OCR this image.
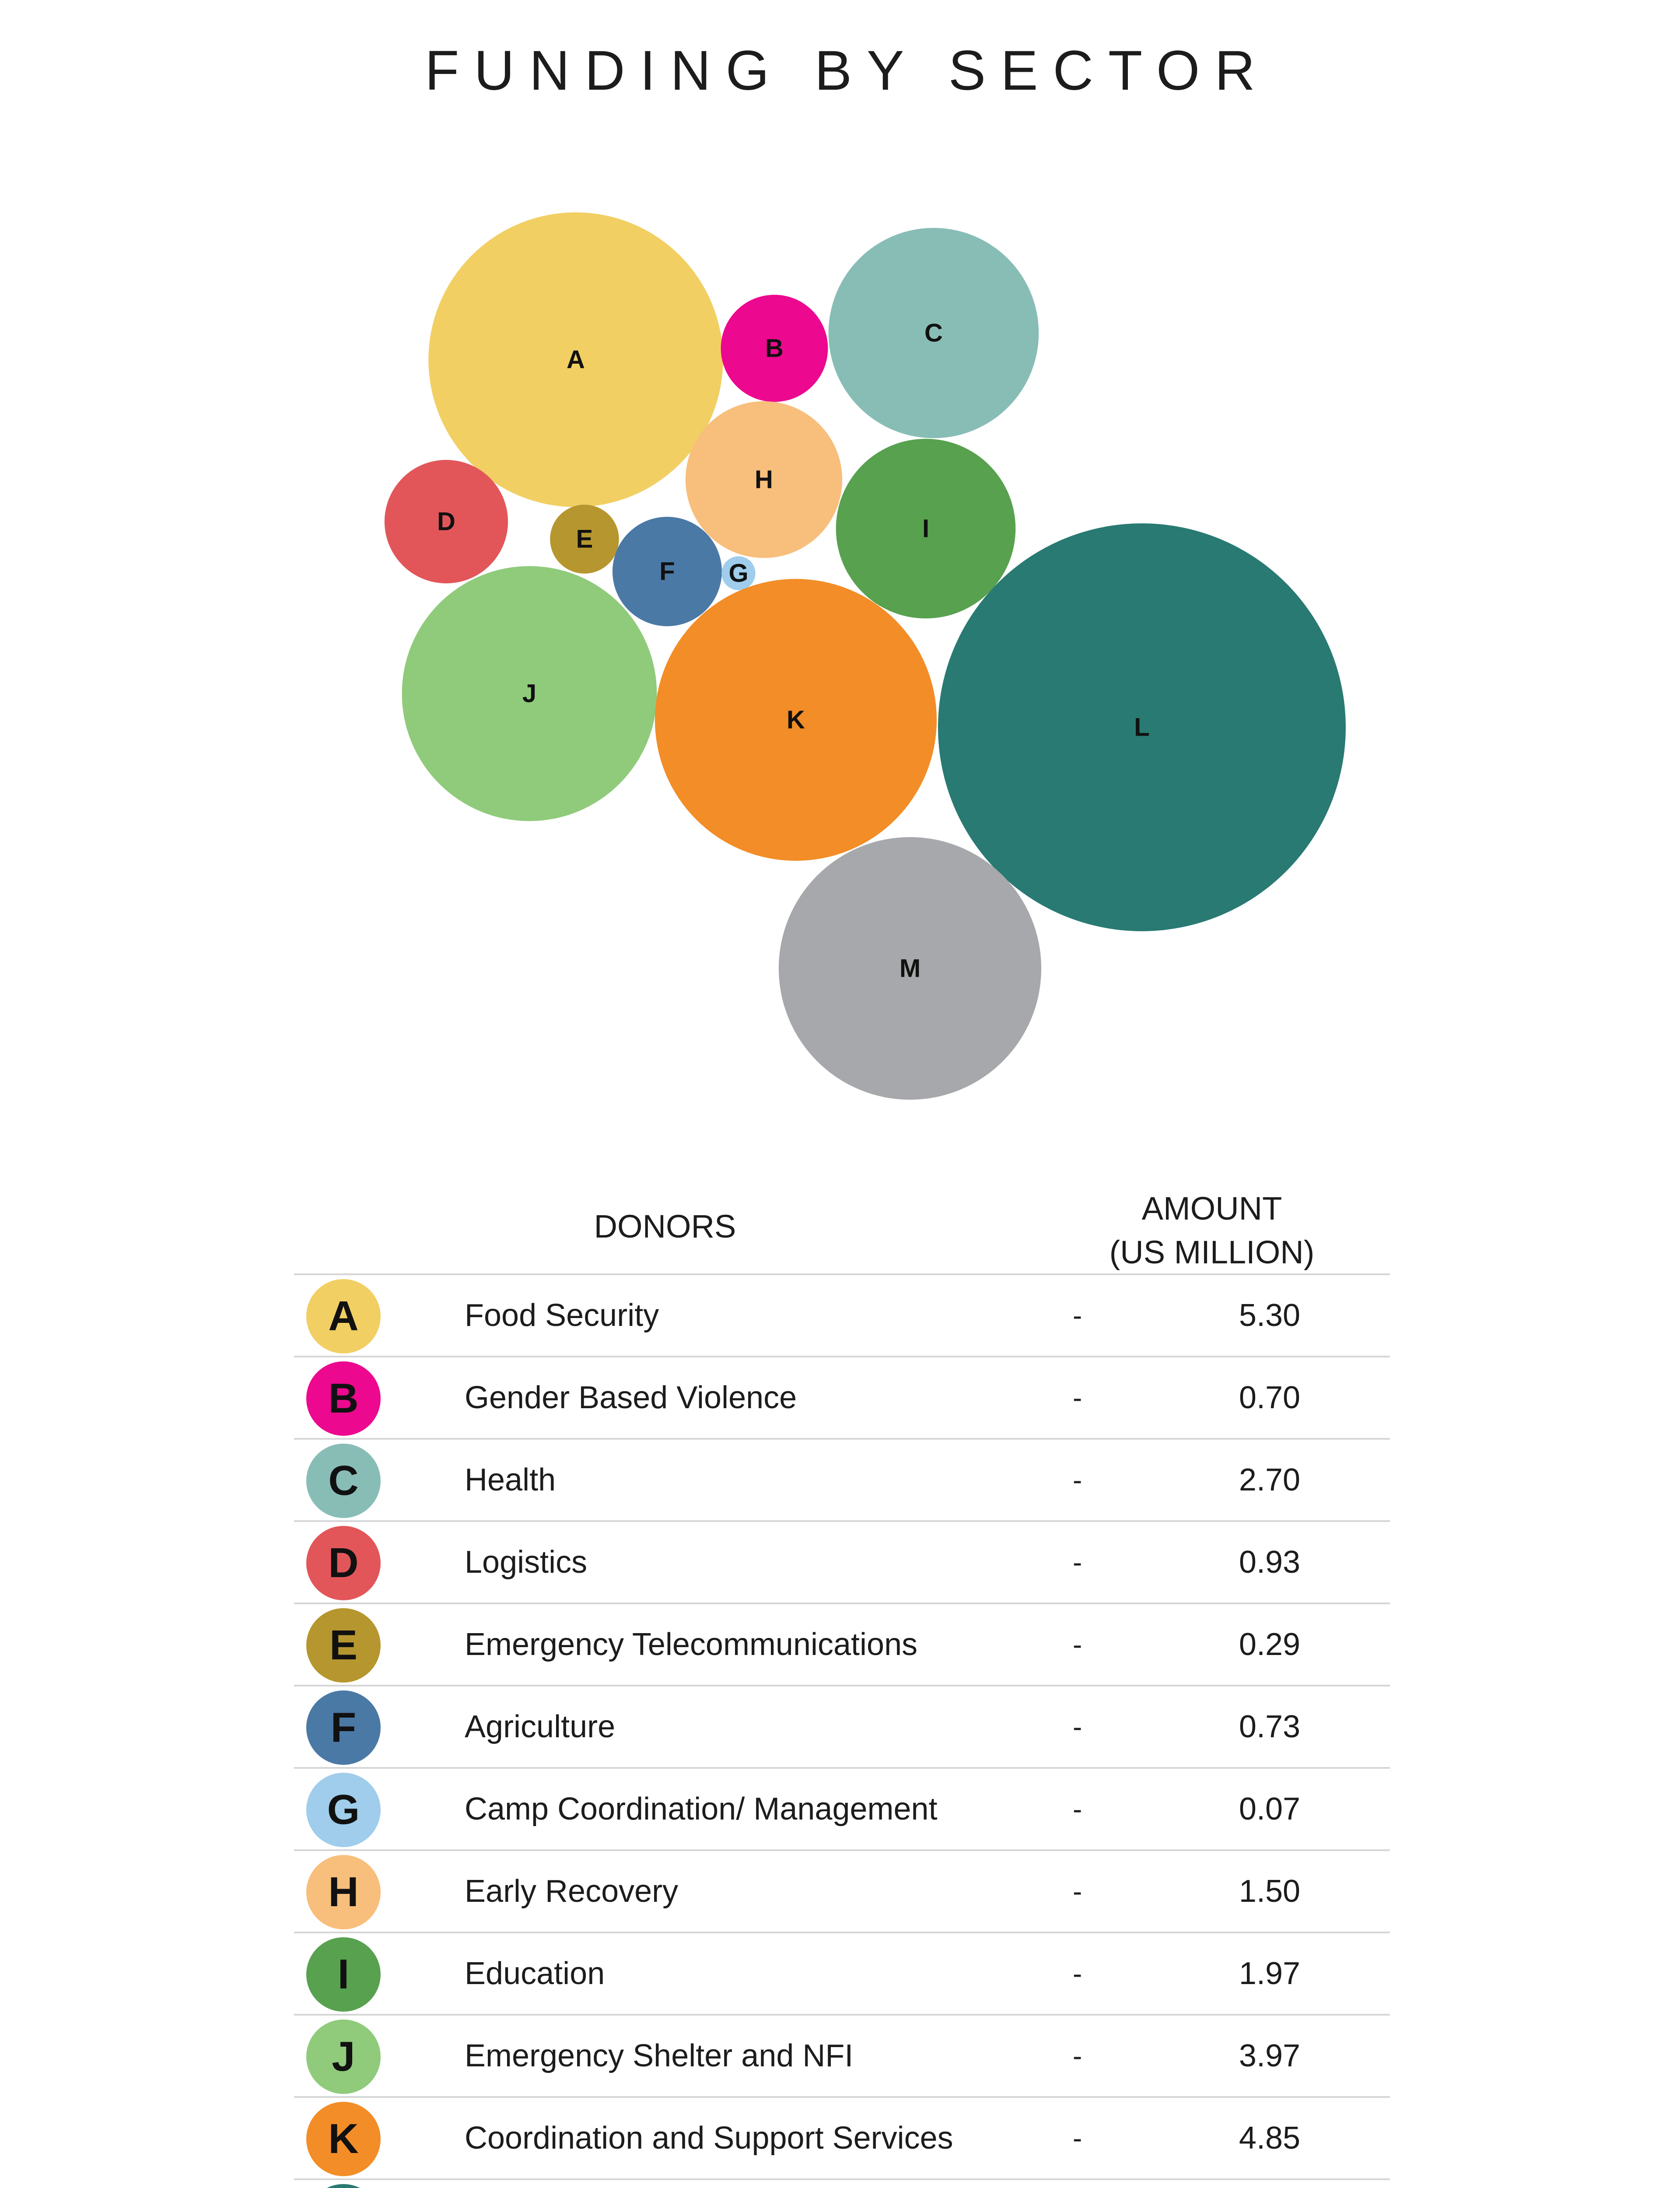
FUNDING BY SECTOR
A	B
C
D
E
F G
H
I
J
K	L
M
DONORS	AMOUNT
(US MILLION)
A	Food Security	-	5.30
B	Gender Based Violence	-	0.70
C	Health	-	2.70
D	Logistics	-	0.93
E	Emergency Telecommunications	-	0.29
F	Agriculture	-	0.73
G	Camp Coordination/ Management	-	0.07
H	Early Recovery	-	1.50
I	Education	-	1.97
J	Emergency Shelter and NFI	-	3.97
K	Coordination and Support Services	-	4.85
